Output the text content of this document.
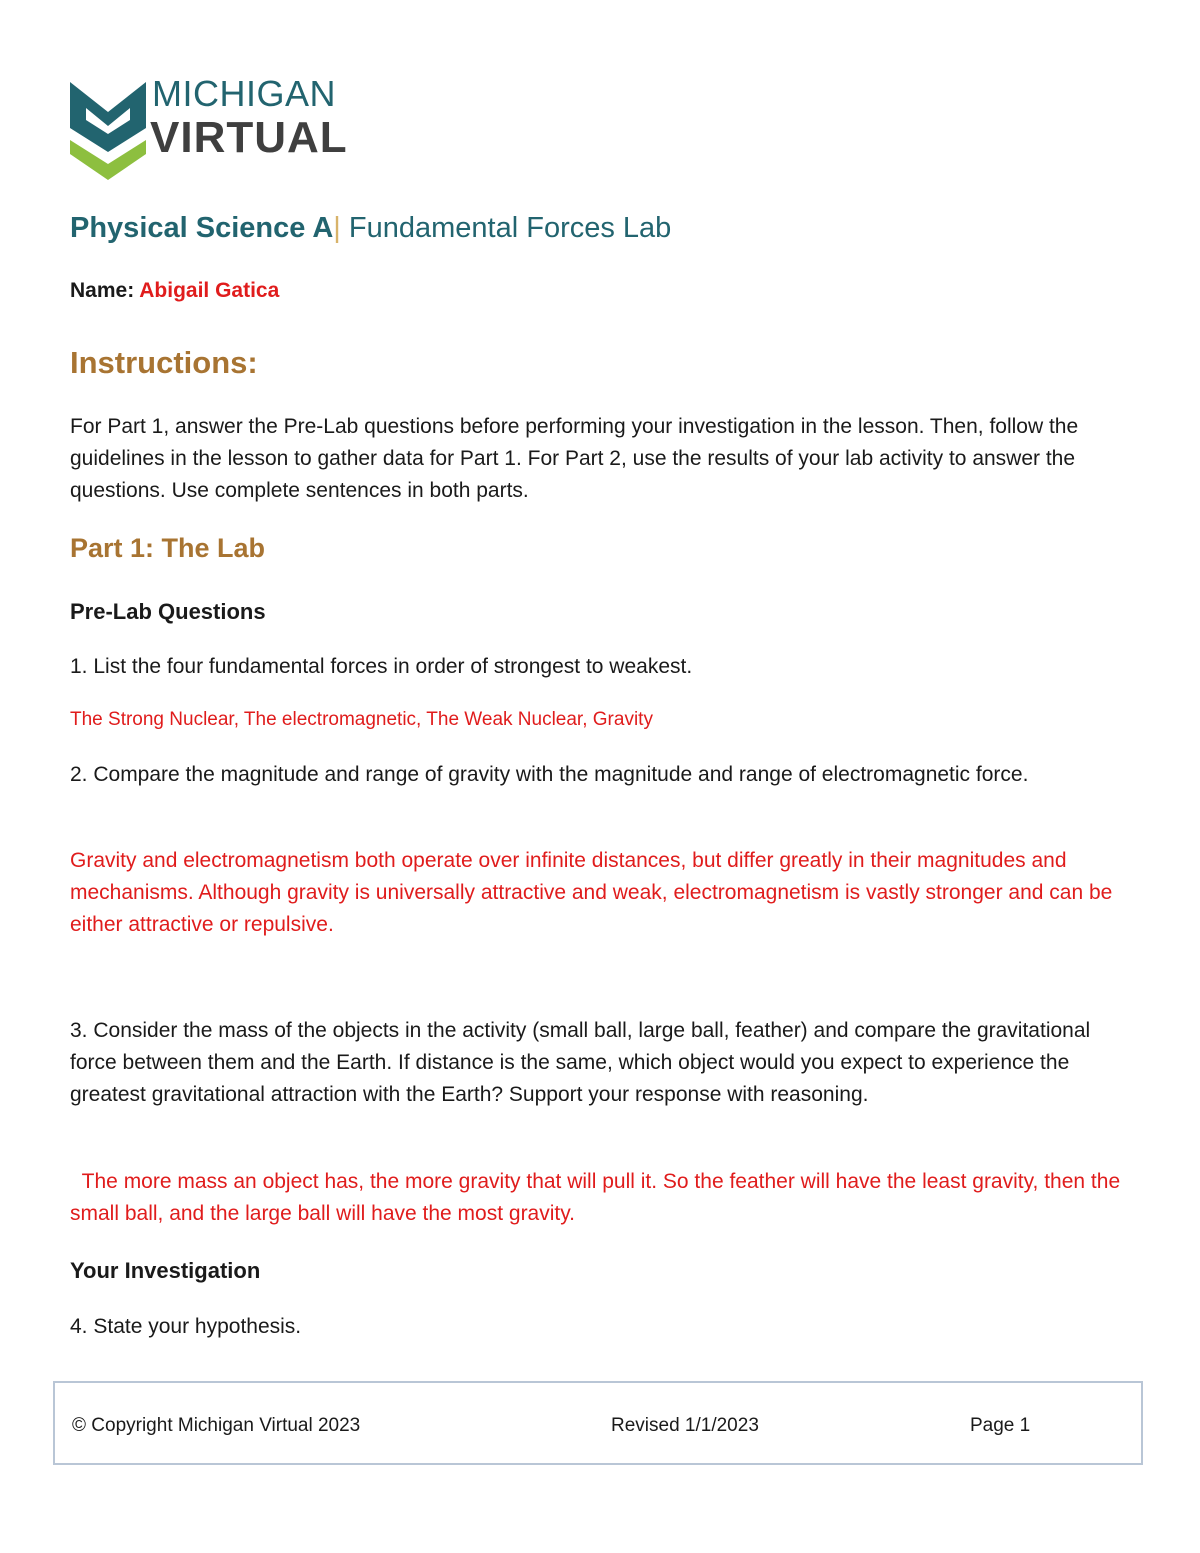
MICHIGAN
VIRTUAL
Physical Science A| Fundamental Forces Lab
Name: Abigail Gatica
Instructions:
For Part 1, answer the Pre-Lab questions before performing your investigation in the lesson. Then, follow the guidelines in the lesson to gather data for Part 1. For Part 2, use the results of your lab activity to answer the questions. Use complete sentences in both parts.
Part 1: The Lab
Pre-Lab Questions
1. List the four fundamental forces in order of strongest to weakest.
The Strong Nuclear, The electromagnetic, The Weak Nuclear, Gravity
2. Compare the magnitude and range of gravity with the magnitude and range of electromagnetic force.
Gravity and electromagnetism both operate over infinite distances, but differ greatly in their magnitudes and mechanisms. Although gravity is universally attractive and weak, electromagnetism is vastly stronger and can be either attractive or repulsive.
3. Consider the mass of the objects in the activity (small ball, large ball, feather) and compare the gravitational force between them and the Earth. If distance is the same, which object would you expect to experience the greatest gravitational attraction with the Earth? Support your response with reasoning.
The more mass an object has, the more gravity that will pull it. So the feather will have the least gravity, then the small ball, and the large ball will have the most gravity.
Your Investigation
4. State your hypothesis.
© Copyright Michigan Virtual 2023	Revised 1/1/2023	Page 1
